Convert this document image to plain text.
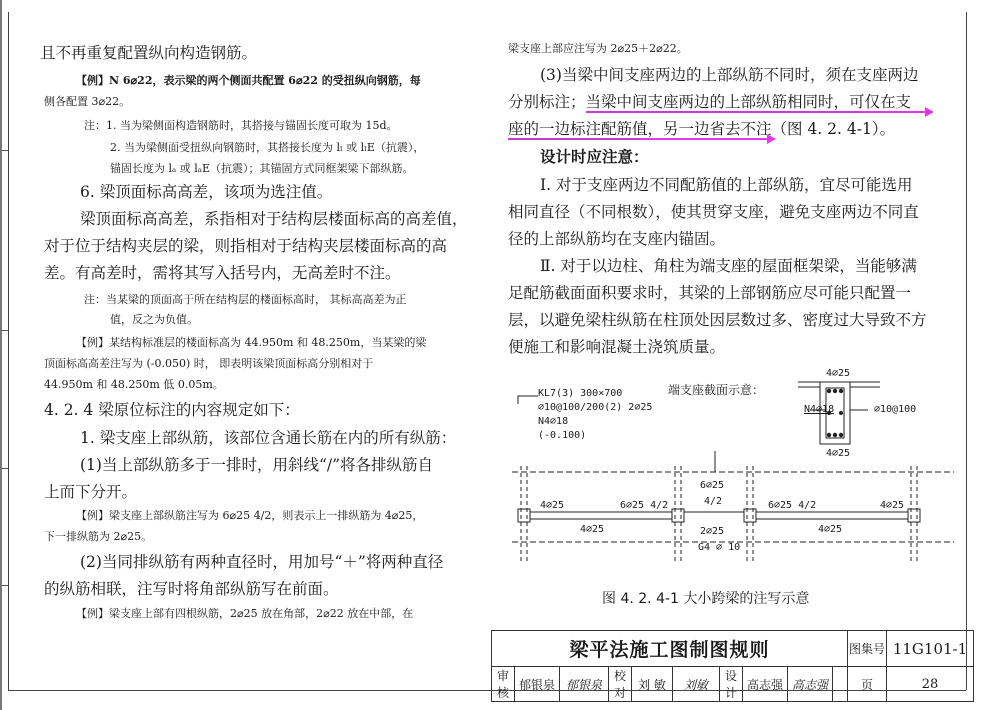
且不再重复配置纵向构造钢筋。
【例】N 6⌀22，表示梁的两个侧面共配置 6⌀22 的受扭纵向钢筋，每
侧各配置 3⌀22。
注：1. 当为梁侧面构造钢筋时，其搭接与锚固长度可取为 15d。
2. 当为梁侧面受扭纵向钢筋时，其搭接长度为 lₗ 或 lₗE（抗震），
锚固长度为 lₐ 或 lₐE（抗震）；其锚固方式同框架梁下部纵筋。
6. 梁顶面标高高差，该项为选注值。
梁顶面标高高差，系指相对于结构层楼面标高的高差值，
对于位于结构夹层的梁，则指相对于结构夹层楼面标高的高
差。有高差时，需将其写入括号内，无高差时不注。
注：当某梁的顶面高于所在结构层的楼面标高时， 其标高高差为正
值，反之为负值。
【例】某结构标准层的楼面标高为 44.950m 和 48.250m，当某梁的梁
顶面标高高差注写为 (-0.050) 时， 即表明该梁顶面标高分别相对于
44.950m 和 48.250m 低 0.05m。
4. 2. 4 梁原位标注的内容规定如下：
1. 梁支座上部纵筋，该部位含通长筋在内的所有纵筋：
(1)当上部纵筋多于一排时，用斜线“/”将各排纵筋自
上而下分开。
【例】梁支座上部纵筋注写为 6⌀25 4/2，则表示上一排纵筋为 4⌀25，
下一排纵筋为 2⌀25。
(2)当同排纵筋有两种直径时，用加号“＋”将两种直径
的纵筋相联，注写时将角部纵筋写在前面。
【例】梁支座上部有四根纵筋，2⌀25 放在角部，2⌀22 放在中部，在
梁支座上部应注写为 2⌀25＋2⌀22。
(3)当梁中间支座两边的上部纵筋不同时，须在支座两边
分别标注；当梁中间支座两边的上部纵筋相同时，可仅在支
座的一边标注配筋值，另一边省去不注（图 4. 2. 4-1）。
设计时应注意：
Ⅰ. 对于支座两边不同配筋值的上部纵筋，宜尽可能选用
相同直径（不同根数），使其贯穿支座，避免支座两边不同直
径的上部纵筋均在支座内锚固。
Ⅱ. 对于以边柱、角柱为端支座的屋面框架梁，当能够满
足配筋截面面积要求时，其梁的上部钢筋应尽可能只配置一
层，以避免梁柱纵筋在柱顶处因层数过多、密度过大导致不方
便施工和影响混凝土浇筑质量。
KL7(3) 300×700
⌀10@100/200(2) 2⌀25
N4⌀18
(-0.100)
端支座截面示意：
4⌀25
N4⌀18	⌀10@100
4⌀25
4⌀25	6⌀25 4/2
6⌀25
4/2	6⌀25 4/2	4⌀25
4⌀25	2⌀25
G4 ⌀ 10
4⌀25
图 4. 2. 4-1 大小跨梁的注写示意
梁平法施工图制图规则										图集号	11G101-1
审核	郁银泉	郁银泉	校对	刘 敏	刘敏	设计	高志强	高志强		页	28
